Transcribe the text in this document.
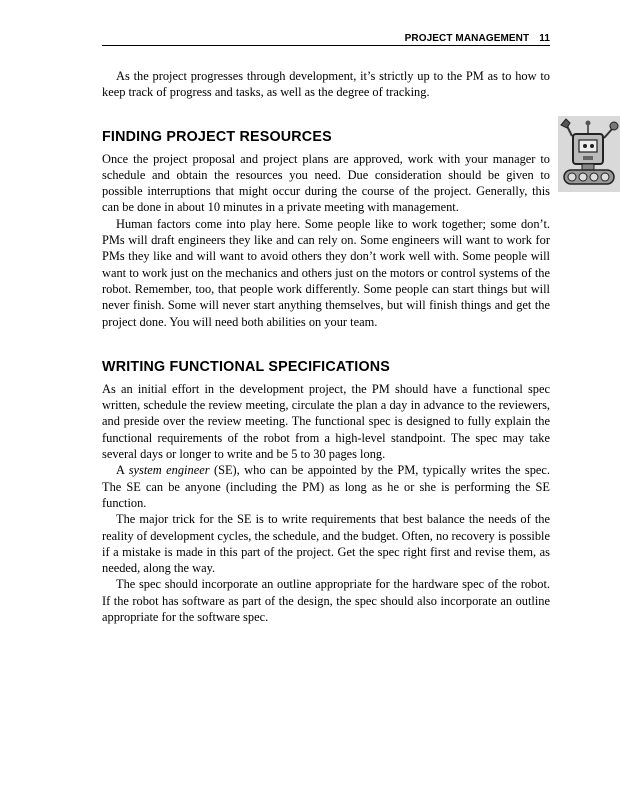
PROJECT MANAGEMENT 11

As the project progresses through development, it’s strictly up to the PM as to how to keep track of progress and tasks, as well as the degree of tracking.

FINDING PROJECT RESOURCES

Once the project proposal and project plans are approved, work with your manager to schedule and obtain the resources you need. Due consideration should be given to possible interruptions that might occur during the course of the project. Generally, this can be done in about 10 minutes in a private meeting with management.

Human factors come into play here. Some people like to work together; some don’t. PMs will draft engineers they like and can rely on. Some engineers will want to work for PMs they like and will want to avoid others they don’t work well with. Some people will want to work just on the mechanics and others just on the motors or control systems of the robot. Remember, too, that people work differently. Some people can start things but will never finish. Some will never start anything themselves, but will finish things and get the project done. You will need both abilities on your team.

WRITING FUNCTIONAL SPECIFICATIONS

As an initial effort in the development project, the PM should have a functional spec written, schedule the review meeting, circulate the plan a day in advance to the reviewers, and preside over the review meeting. The functional spec is designed to fully explain the functional requirements of the robot from a high-level standpoint. The spec may take several days or longer to write and be 5 to 30 pages long.

A system engineer (SE), who can be appointed by the PM, typically writes the spec. The SE can be anyone (including the PM) as long as he or she is performing the SE function.

The major trick for the SE is to write requirements that best balance the needs of the reality of development cycles, the schedule, and the budget. Often, no recovery is possible if a mistake is made in this part of the project. Get the spec right first and revise them, as needed, along the way.

The spec should incorporate an outline appropriate for the hardware spec of the robot. If the robot has software as part of the design, the spec should also incorporate an outline appropriate for the software spec.
